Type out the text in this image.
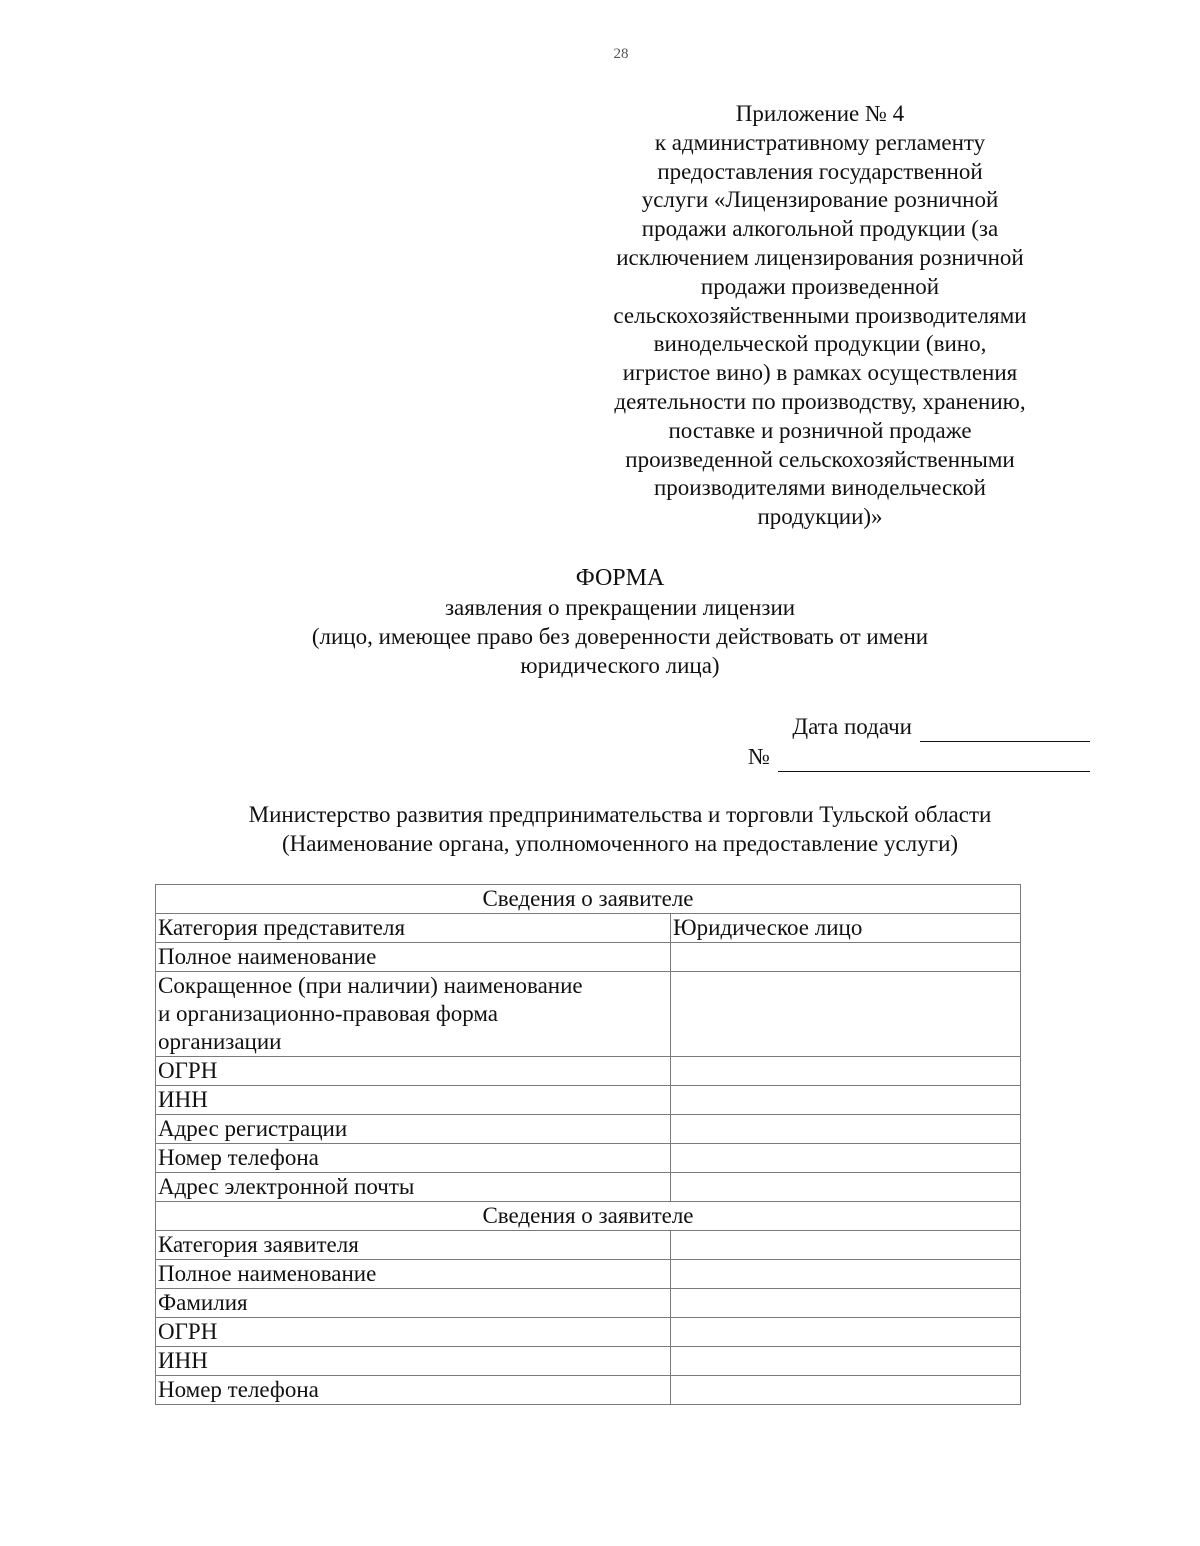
28
Приложение № 4
к административному регламенту
предоставления государственной
услуги «Лицензирование розничной
продажи алкогольной продукции (за
исключением лицензирования розничной
продажи произведенной
сельскохозяйственными производителями
винодельческой продукции (вино,
игристое вино) в рамках осуществления
деятельности по производству, хранению,
поставке и розничной продаже
произведенной сельскохозяйственными
производителями винодельческой
продукции)»
ФОРМА
заявления о прекращении лицензии
(лицо, имеющее право без доверенности действовать от имени
юридического лица)
Дата подачи
№
Министерство развития предпринимательства и торговли Тульской области
(Наименование органа, уполномоченного на предоставление услуги)
Сведения о заявителе	
Категория представителя	Юридическое лицо
Полное наименование	

Сокращенное (при наличии) наименование
и организационно-правовая форма
организации	

ОГРН	
ИНН	
Адрес регистрации	
Номер телефона	
Адрес электронной почты	
Сведения о заявителе	
Категория заявителя	
Полное наименование	
Фамилия	
ОГРН	
ИНН	
Номер телефона	
